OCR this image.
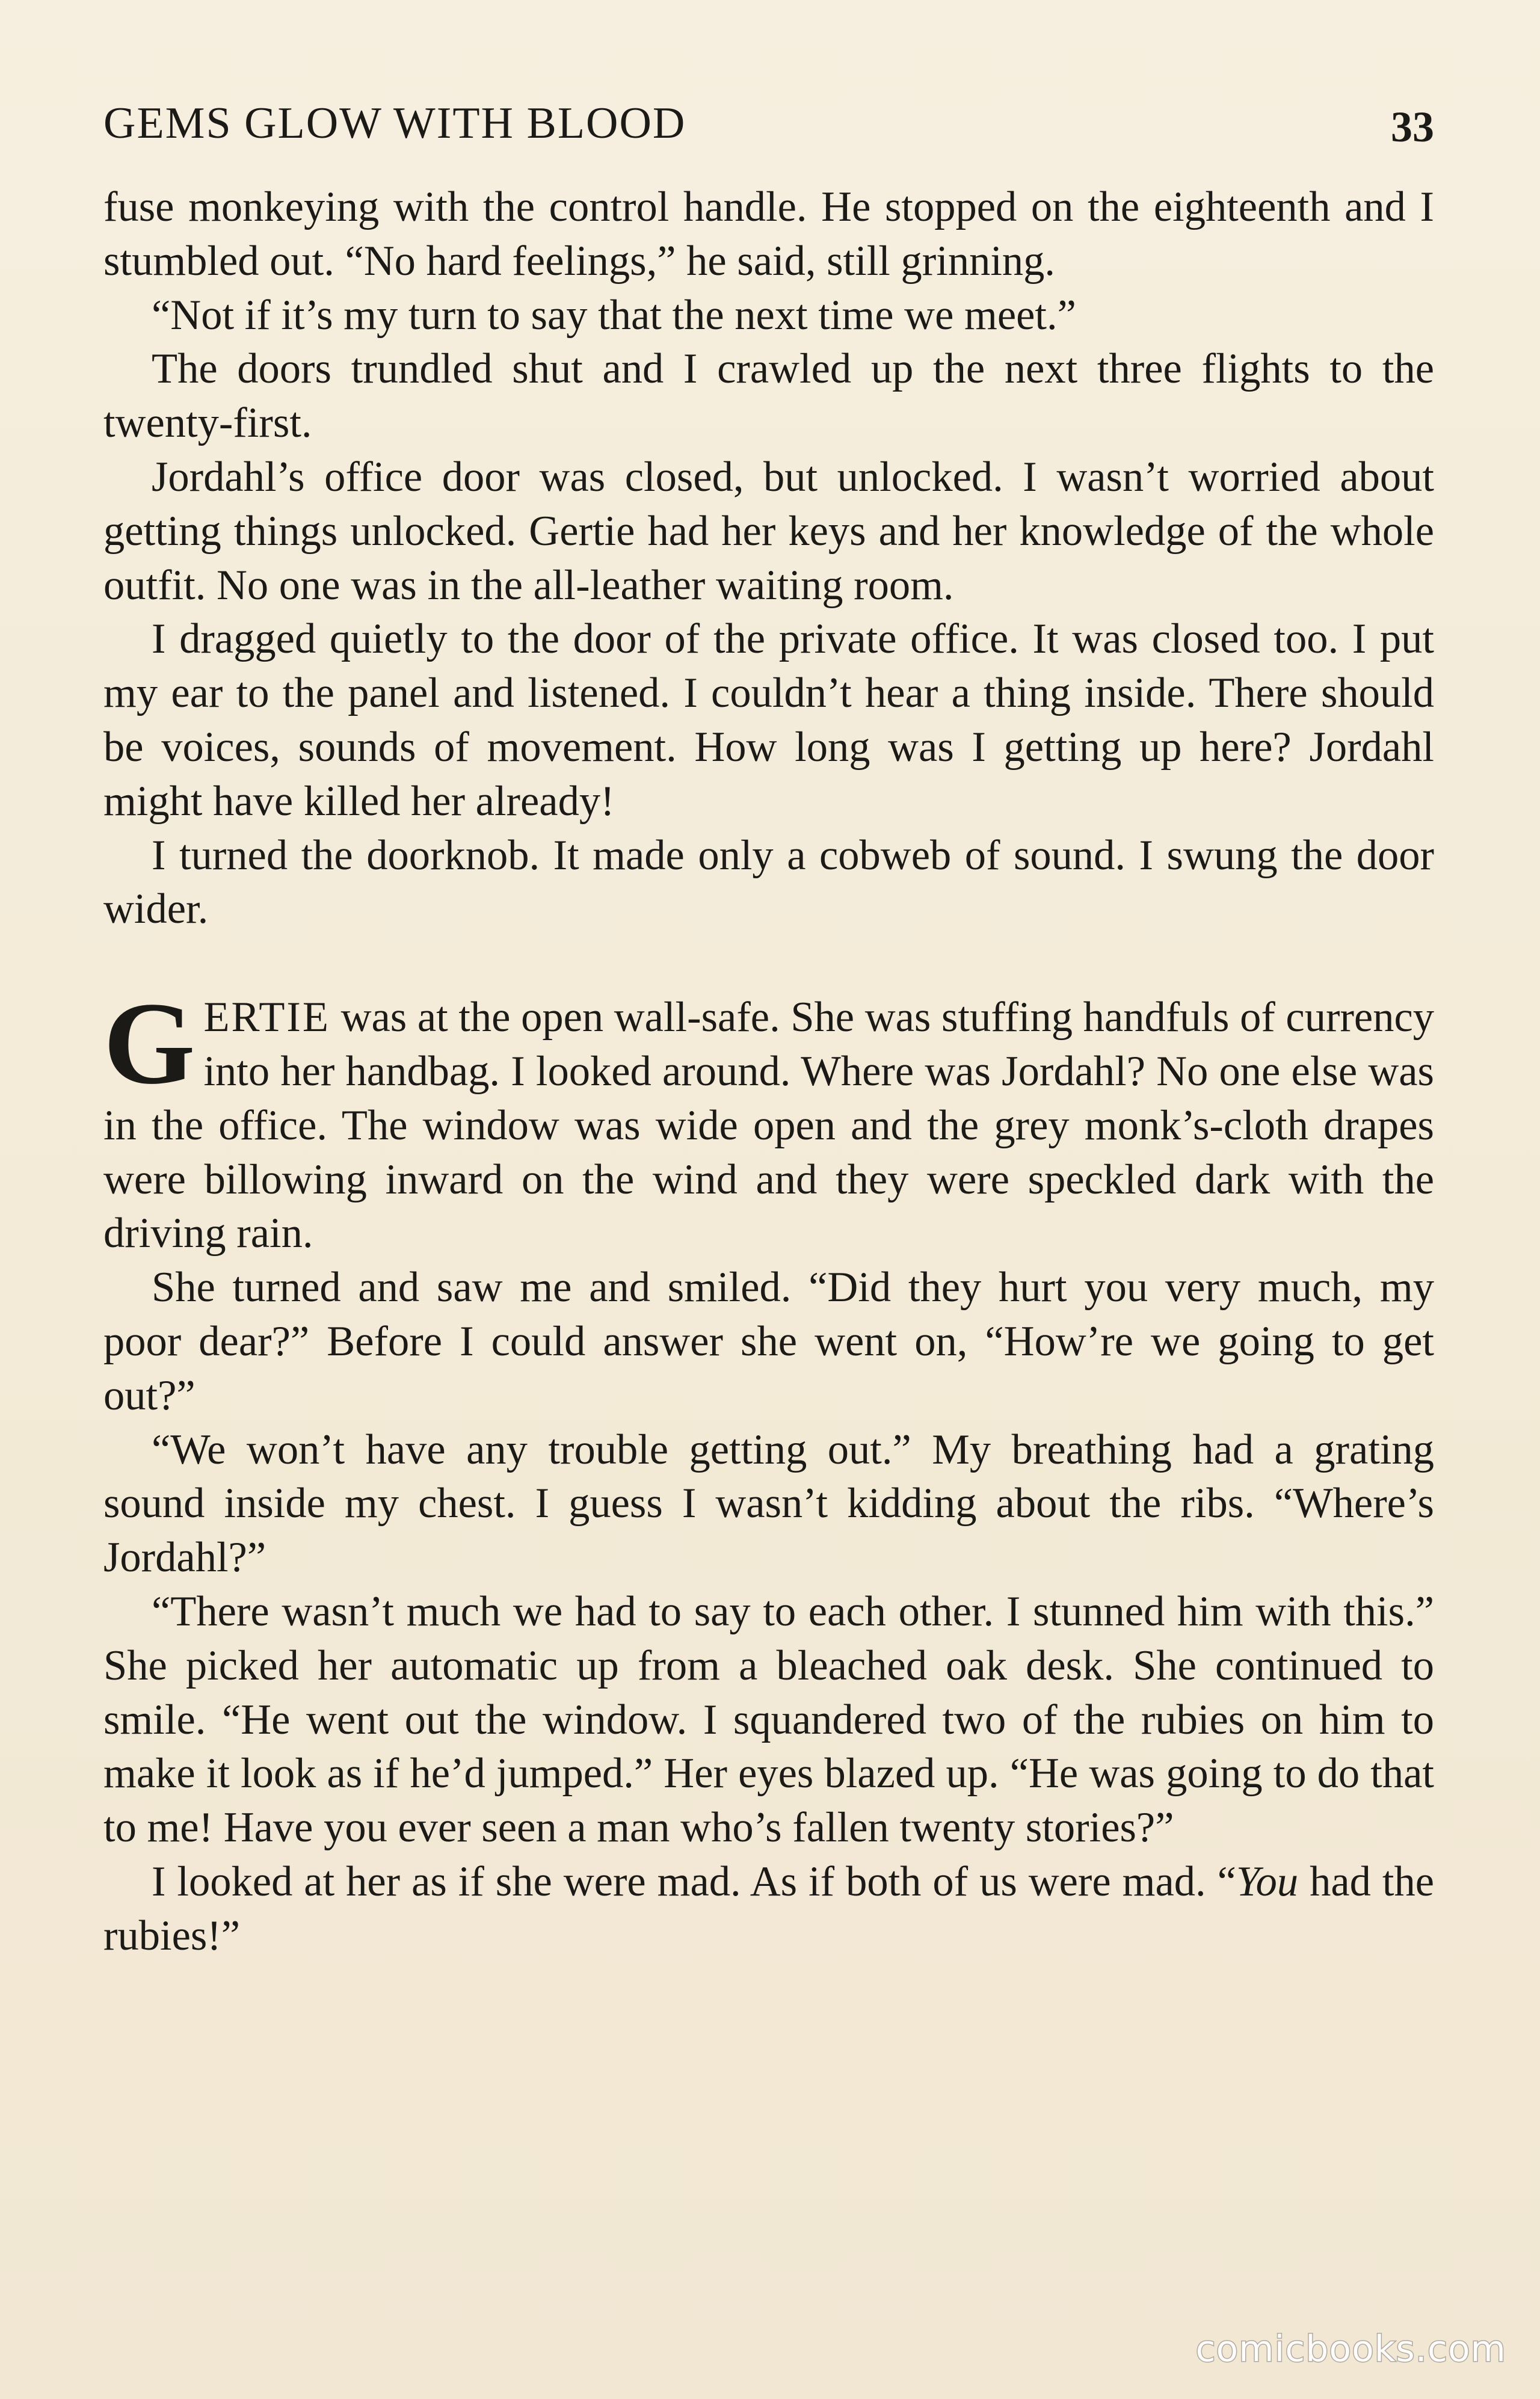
GEMS GLOW WITH BLOOD	33

fuse monkeying with the control handle. He stopped on the eighteenth and I stumbled out. “No hard feelings,” he said, still grinning.

“Not if it’s my turn to say that the next time we meet.”

The doors trundled shut and I crawled up the next three flights to the twenty-first.

Jordahl’s office door was closed, but unlocked. I wasn’t worried about getting things unlocked. Gertie had her keys and her knowledge of the whole outfit. No one was in the all-leather waiting room.

I dragged quietly to the door of the private office. It was closed too. I put my ear to the panel and listened. I couldn’t hear a thing inside. There should be voices, sounds of movement. How long was I getting up here? Jordahl might have killed her already!

I turned the doorknob. It made only a cobweb of sound. I swung the door wider.

GERTIE was at the open wall-safe. She was stuffing handfuls of currency into her handbag. I looked around. Where was Jordahl? No one else was in the office. The window was wide open and the grey monk’s-cloth drapes were billowing inward on the wind and they were speckled dark with the driving rain.

She turned and saw me and smiled. “Did they hurt you very much, my poor dear?” Before I could answer she went on, “How’re we going to get out?”

“We won’t have any trouble getting out.” My breathing had a grating sound inside my chest. I guess I wasn’t kidding about the ribs. “Where’s Jordahl?”

“There wasn’t much we had to say to each other. I stunned him with this.” She picked her automatic up from a bleached oak desk. She continued to smile. “He went out the window. I squandered two of the rubies on him to make it look as if he’d jumped.” Her eyes blazed up. “He was going to do that to me! Have you ever seen a man who’s fallen twenty stories?”

I looked at her as if she were mad. As if both of us were mad. “You had the rubies!”

comicbooks.com
